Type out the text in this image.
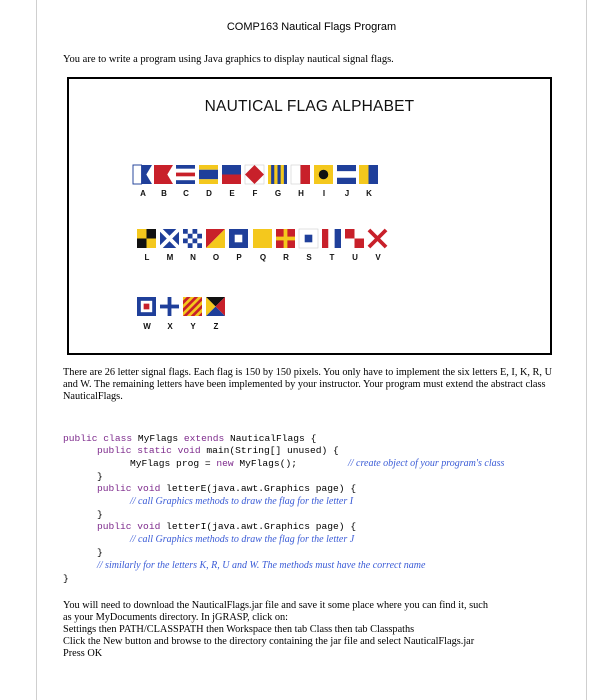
COMP163 Nautical Flags Program
You are to write a program using Java graphics to display nautical signal flags.
NAUTICAL FLAG ALPHABET
A	B	C	D	E	F	G	H	I	J	K
L	M	N	O	P	Q	R	S	T	U	V
W	X	Y	Z
There are 26 letter signal flags. Each flag is 150 by 150 pixels. You only have to implement the six letters E, I, K, R, U and W. The remaining letters have been implemented by your instructor. Your program must extend the abstract class NauticalFlags.
public class MyFlags extends NauticalFlags {
public static void main(String[] unused) {
MyFlags prog = new MyFlags();	// create object of your program's class
}
public void letterE(java.awt.Graphics page) {
// call Graphics methods to draw the flag for the letter I
}
public void letterI(java.awt.Graphics page) {
// call Graphics methods to draw the flag for the letter J
}
// similarly for the letters K, R, U and W. The methods must have the correct name
}
You will need to download the NauticalFlags.jar file and save it some place where you can find it, such
as your MyDocuments directory. In jGRASP, click on:
Settings then PATH/CLASSPATH then Workspace then tab Class then tab Classpaths
Click the New button and browse to the directory containing the jar file and select NauticalFlags.jar
Press OK
